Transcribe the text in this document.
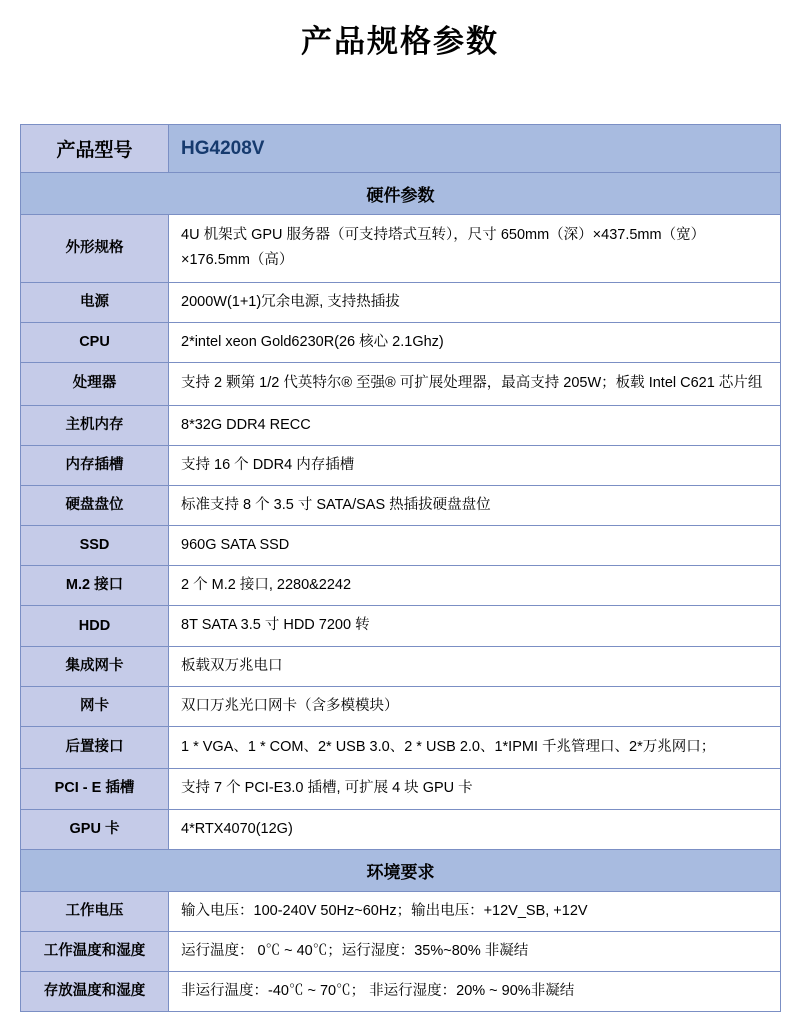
产品规格参数
产品型号	HG4208V
硬件参数	
外形规格	4U 机架式 GPU 服务器（可支持塔式互转），尺寸 650mm（深）×437.5mm（宽）×176.5mm（高）
电源	2000W(1+1)冗余电源, 支持热插拔
CPU	2*intel xeon Gold6230R(26 核心 2.1Ghz)
处理器	支持 2 颗第 1/2 代英特尔® 至强® 可扩展处理器，最高支持 205W；板载 Intel C621 芯片组
主机内存	8*32G DDR4 RECC
内存插槽	支持 16 个 DDR4 内存插槽
硬盘盘位	标准支持 8 个 3.5 寸 SATA/SAS 热插拔硬盘盘位
SSD	960G SATA SSD
M.2 接口	2 个 M.2 接口, 2280&2242
HDD	8T SATA 3.5 寸 HDD 7200 转
集成网卡	板载双万兆电口
网卡	双口万兆光口网卡（含多模模块）
后置接口	1 * VGA、1 * COM、2* USB 3.0、2 * USB 2.0、1*IPMI 千兆管理口、2*万兆网口；
PCI - E 插槽	支持 7 个 PCI-E3.0 插槽, 可扩展 4 块 GPU 卡
GPU 卡	4*RTX4070(12G)
环境要求	
工作电压	输入电压：100-240V 50Hz~60Hz；输出电压：+12V_SB, +12V
工作温度和湿度	运行温度： 0℃ ~ 40℃；运行湿度：35%~80% 非凝结
存放温度和湿度	非运行温度：-40℃ ~ 70℃； 非运行湿度：20% ~ 90%非凝结
